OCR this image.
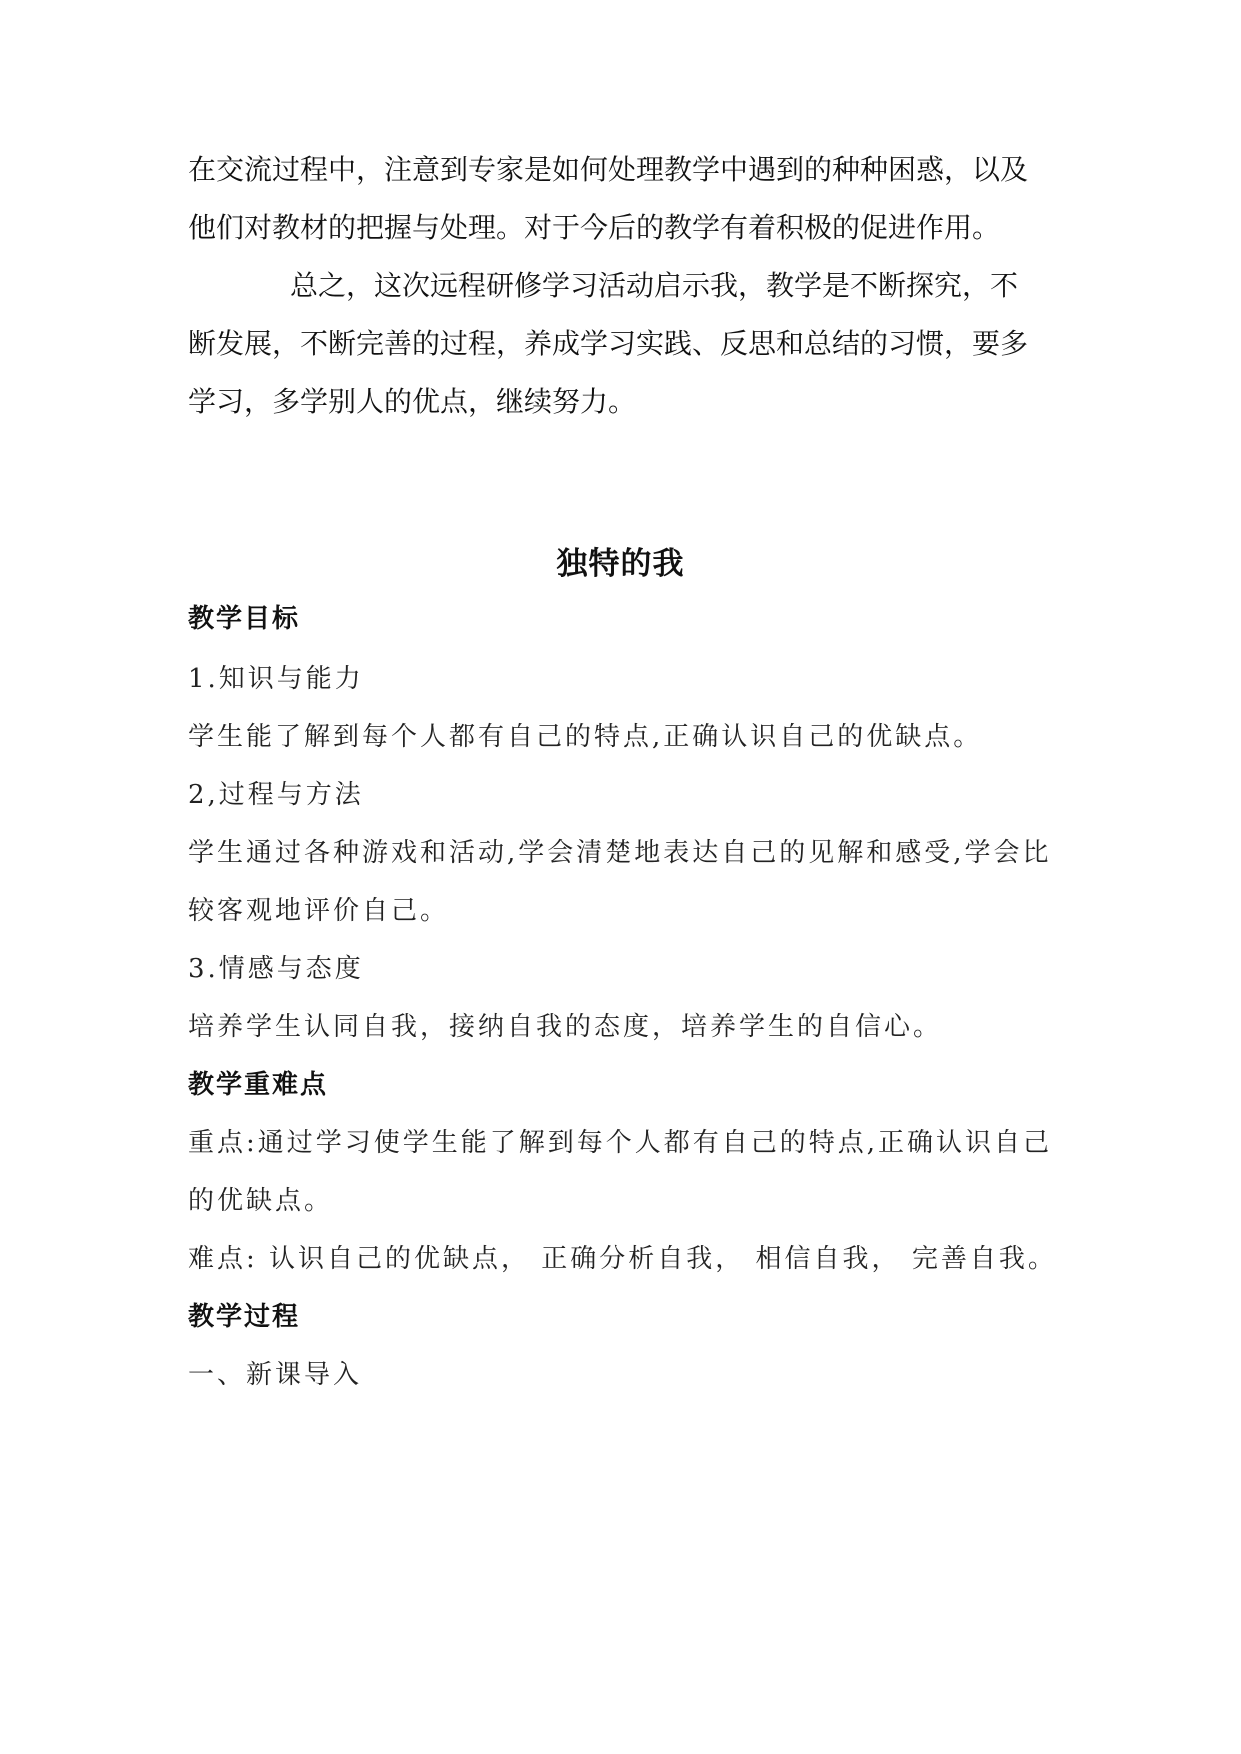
在交流过程中，注意到专家是如何处理教学中遇到的种种困惑，以及

他们对教材的把握与处理。对于今后的教学有着积极的促进作用。

总之，这次远程研修学习活动启示我，教学是不断探究，不

断发展，不断完善的过程，养成学习实践、反思和总结的习惯，要多

学习，多学别人的优点，继续努力。

独特的我

教学目标

1.知识与能力

学生能了解到每个人都有自己的特点,正确认识自己的优缺点。

2,过程与方法

学生通过各种游戏和活动,学会清楚地表达自己的见解和感受,学会比

较客观地评价自己。

3.情感与态度

培养学生认同自我，接纳自我的态度，培养学生的自信心。

教学重难点

重点:通过学习使学生能了解到每个人都有自己的特点,正确认识自己

的优缺点。

难点: 认识自己的优缺点， 正确分析自我， 相信自我， 完善自我。

教学过程

一、新课导入
